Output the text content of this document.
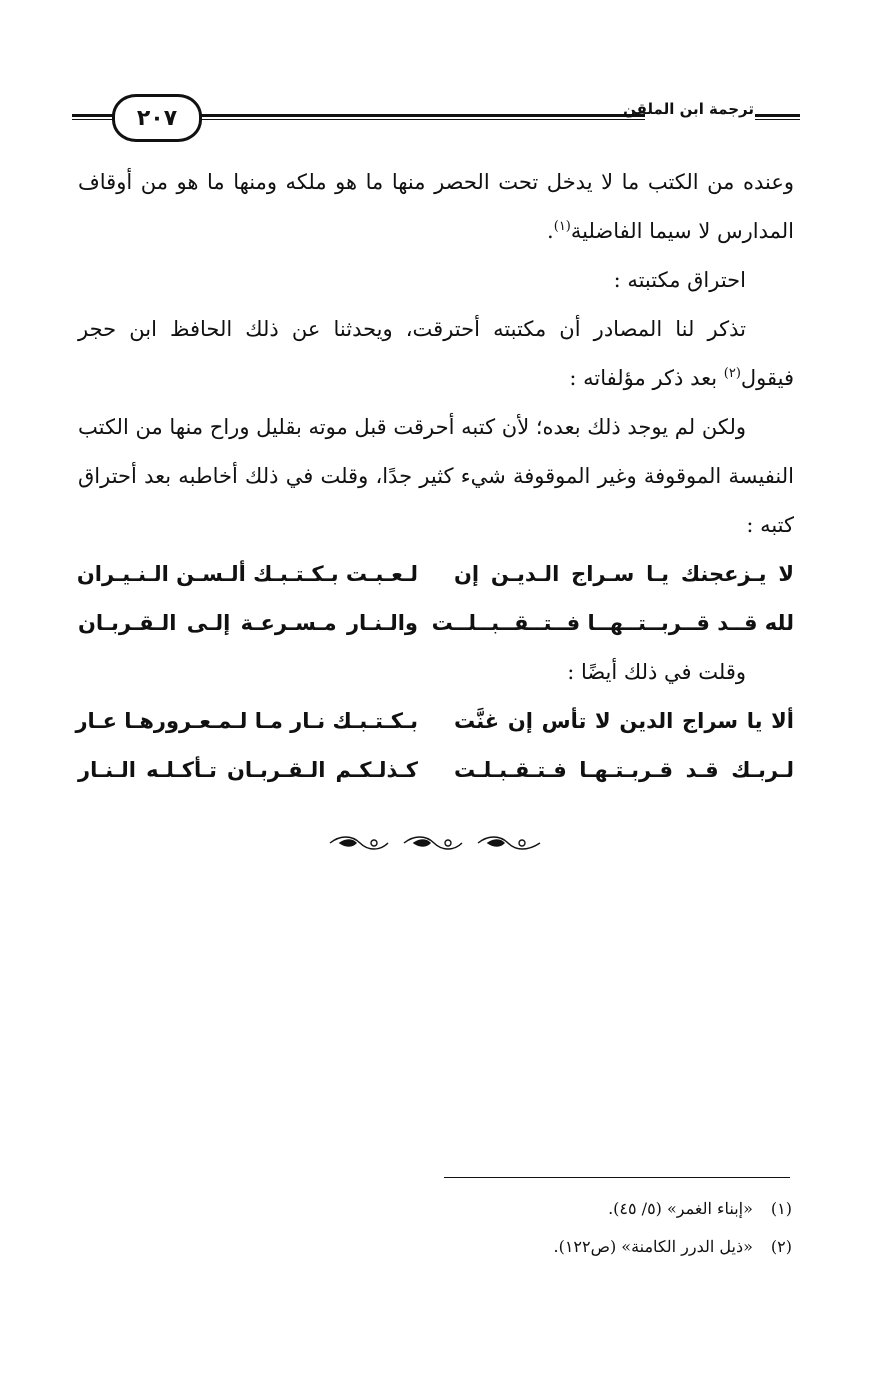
ترجمة ابن الملقن
٢٠٧

وعنده من الكتب ما لا يدخل تحت الحصر منها ما هو ملكه ومنها ما هو من أوقاف المدارس لا سيما الفاضلية$^{(١)}$.

احتراق مكتبته :

تذكر لنا المصادر أن مكتبته أحترقت، ويحدثنا عن ذلك الحافظ ابن حجر فيقول$^{(٢)}$ بعد ذكر مؤلفاته :

ولكن لم يوجد ذلك بعده؛ لأن كتبه أحرقت قبل موته بقليل وراح منها من الكتب النفيسة الموقوفة وغير الموقوفة شيء كثير جدًا، وقلت في ذلك أخاطبه بعد أحتراق كتبه :

لا يـزعجنك يـا سـراج الـديـن إن
لـعـبـت بـكـتـبـك ألـسـن الـنـيـران
لله قــد قــربــتــهــا فــتــقــبــلــت
والـنـار مـسـرعـة إلـى الـقـربـان

وقلت في ذلك أيضًا :

ألا يا سراج الدين لا تأس إن غنَّت
بـكـتـبـك نـار مـا لـمـعـرورهـا عـار
لـربـك قـد قـربـتـهـا فـتـقـبـلـت
كـذلـكـم الـقـربـان تـأكـلـه الـنـار
(١) «إبناء الغمر» (٥/ ٤٥).
(٢) «ذيل الدرر الكامنة» (ص١٢٢).
